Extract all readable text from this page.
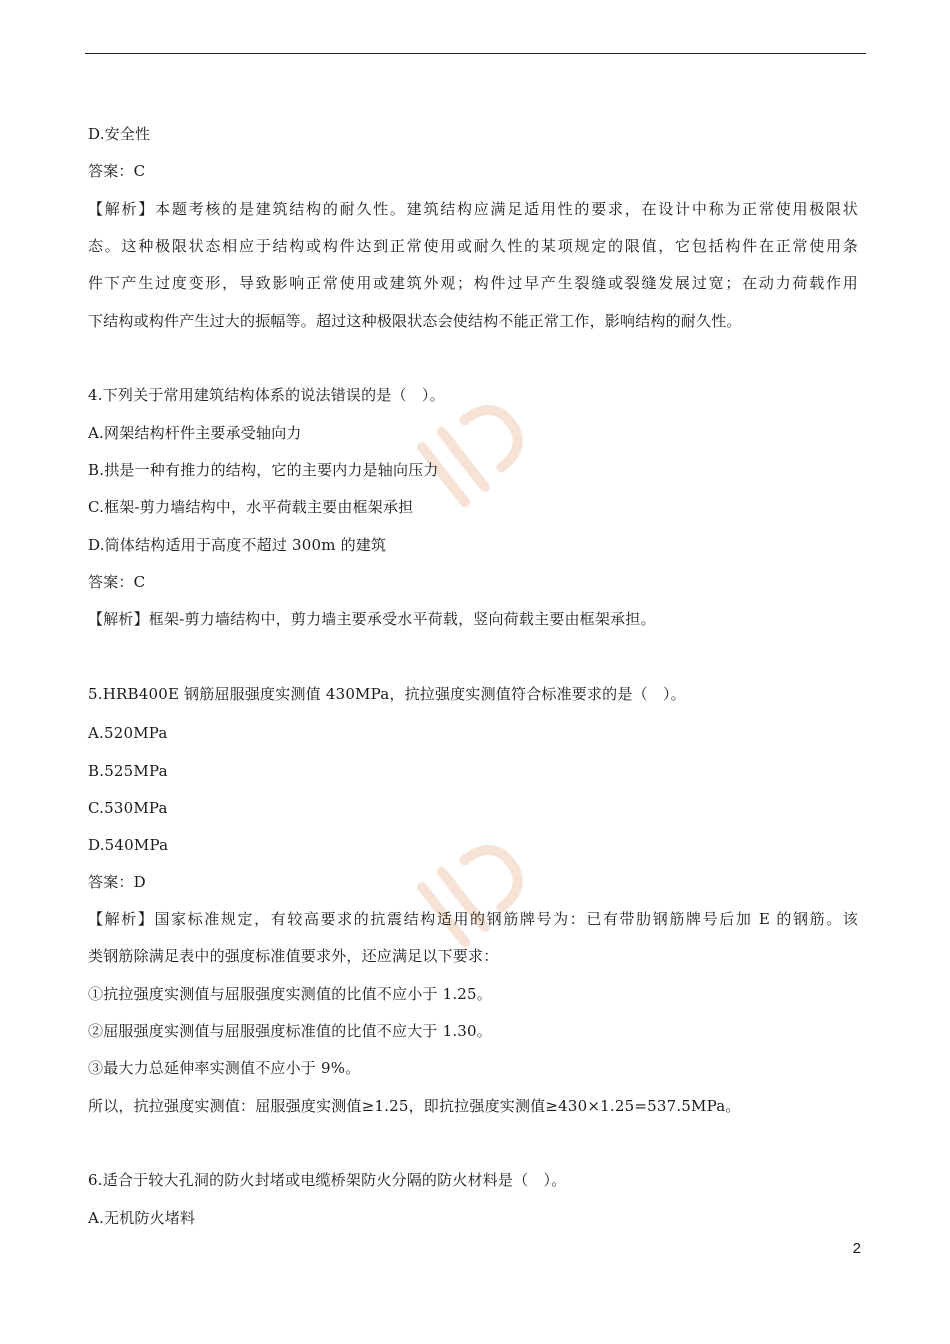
D.安全性
答案：C
【解析】本题考核的是建筑结构的耐久性。建筑结构应满足适用性的要求，在设计中称为正常使用极限状
态。这种极限状态相应于结构或构件达到正常使用或耐久性的某项规定的限值，它包括构件在正常使用条
件下产生过度变形，导致影响正常使用或建筑外观；构件过早产生裂缝或裂缝发展过宽；在动力荷载作用
下结构或构件产生过大的振幅等。超过这种极限状态会使结构不能正常工作，影响结构的耐久性。
4.下列关于常用建筑结构体系的说法错误的是（　）。
A.网架结构杆件主要承受轴向力
B.拱是一种有推力的结构，它的主要内力是轴向压力
C.框架-剪力墙结构中，水平荷载主要由框架承担
D.筒体结构适用于高度不超过 300m 的建筑
答案：C
【解析】框架-剪力墙结构中，剪力墙主要承受水平荷载，竖向荷载主要由框架承担。
5.HRB400E 钢筋屈服强度实测值 430MPa，抗拉强度实测值符合标准要求的是（　）。
A.520MPa
B.525MPa
C.530MPa
D.540MPa
答案：D
【解析】国家标准规定，有较高要求的抗震结构适用的钢筋牌号为：已有带肋钢筋牌号后加 E 的钢筋。该
类钢筋除满足表中的强度标准值要求外，还应满足以下要求：
①抗拉强度实测值与屈服强度实测值的比值不应小于 1.25。
②屈服强度实测值与屈服强度标准值的比值不应大于 1.30。
③最大力总延伸率实测值不应小于 9%。
所以，抗拉强度实测值：屈服强度实测值≥1.25，即抗拉强度实测值≥430×1.25=537.5MPa。
6.适合于较大孔洞的防火封堵或电缆桥架防火分隔的防火材料是（　）。
A.无机防火堵料
2
